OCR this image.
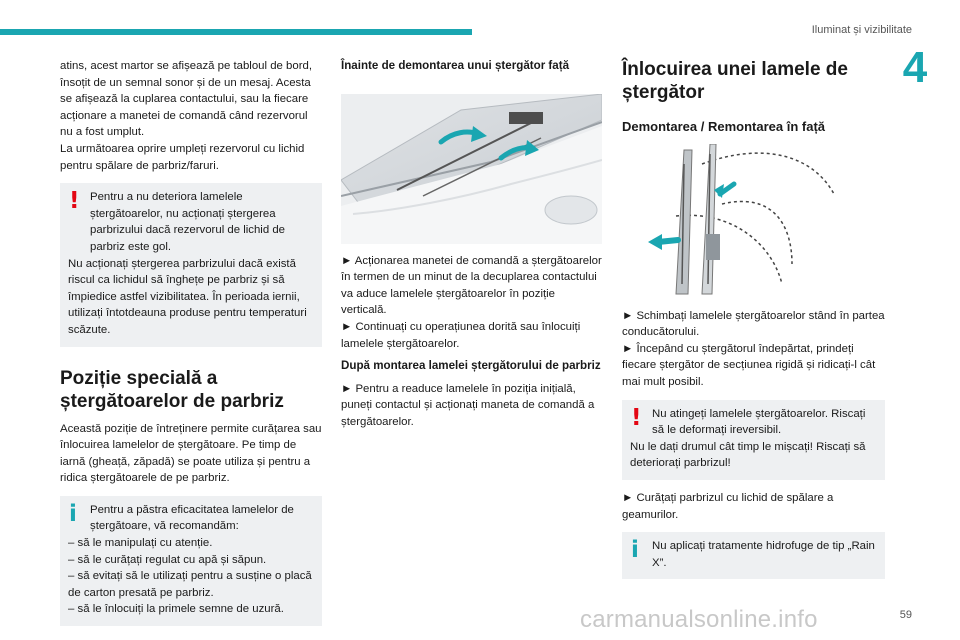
Iluminat și vizibilitate
4

atins, acest martor se afișează pe tabloul de bord, însoțit de un semnal sonor și de un mesaj. Acesta se afișează la cuplarea contactului, sau la fiecare acționare a manetei de comandă când rezervorul nu a fost umplut.

La următoarea oprire umpleți rezervorul cu lichid pentru spălare de parbriz/faruri.

! Pentru a nu deteriora lamelele ștergătoarelor, nu acționați ștergerea parbrizului dacă rezervorul de lichid de parbriz este gol.

Nu acționați ștergerea parbrizului dacă există riscul ca lichidul să înghețe pe parbriz și să împiedice astfel vizibilitatea. În perioada iernii, utilizați întotdeauna produse pentru temperaturi scăzute.

Poziție specială a ștergătoarelor de parbriz

Această poziție de întreținere permite curățarea sau înlocuirea lamelelor de ștergătoare. Pe timp de iarnă (gheață, zăpadă) se poate utiliza și pentru a ridica ștergătoarele de pe parbriz.

i	Pentru a păstra eficacitatea lamelelor de ștergătoare, vă recomandăm:

– să le manipulați cu atenție.

– să le curățați regulat cu apă și săpun.

– să evitați să le utilizați pentru a susține o placă de carton presată pe parbriz.

– să le înlocuiți la primele semne de uzură.

Înainte de demontarea unui ștergător față

► Acționarea manetei de comandă a ștergătoarelor în termen de un minut de la decuplarea contactului va aduce lamelele ștergătoarelor în poziție verticală.

► Continuați cu operațiunea dorită sau înlocuiți lamelele ștergătoarelor.

După montarea lamelei ștergătorului de parbriz

► Pentru a readuce lamelele în poziția inițială, puneți contactul și acționați maneta de comandă a ștergătoarelor.

Înlocuirea unei lamele de ștergător

Demontarea / Remontarea în față

► Schimbați lamelele ștergătoarelor stând în partea conducătorului.

► Începând cu ștergătorul îndepărtat, prindeți fiecare ștergător de secțiunea rigidă și ridicați-l cât mai mult posibil.

! Nu atingeți lamelele ștergătoarelor. Riscați să le deformați ireversibil.

Nu le dați drumul cât timp le mișcați! Riscați să deteriorați parbrizul!

► Curățați parbrizul cu lichid de spălare a geamurilor.

i	Nu aplicați tratamente hidrofuge de tip „Rain X”.

carmanualsonline.info	59
